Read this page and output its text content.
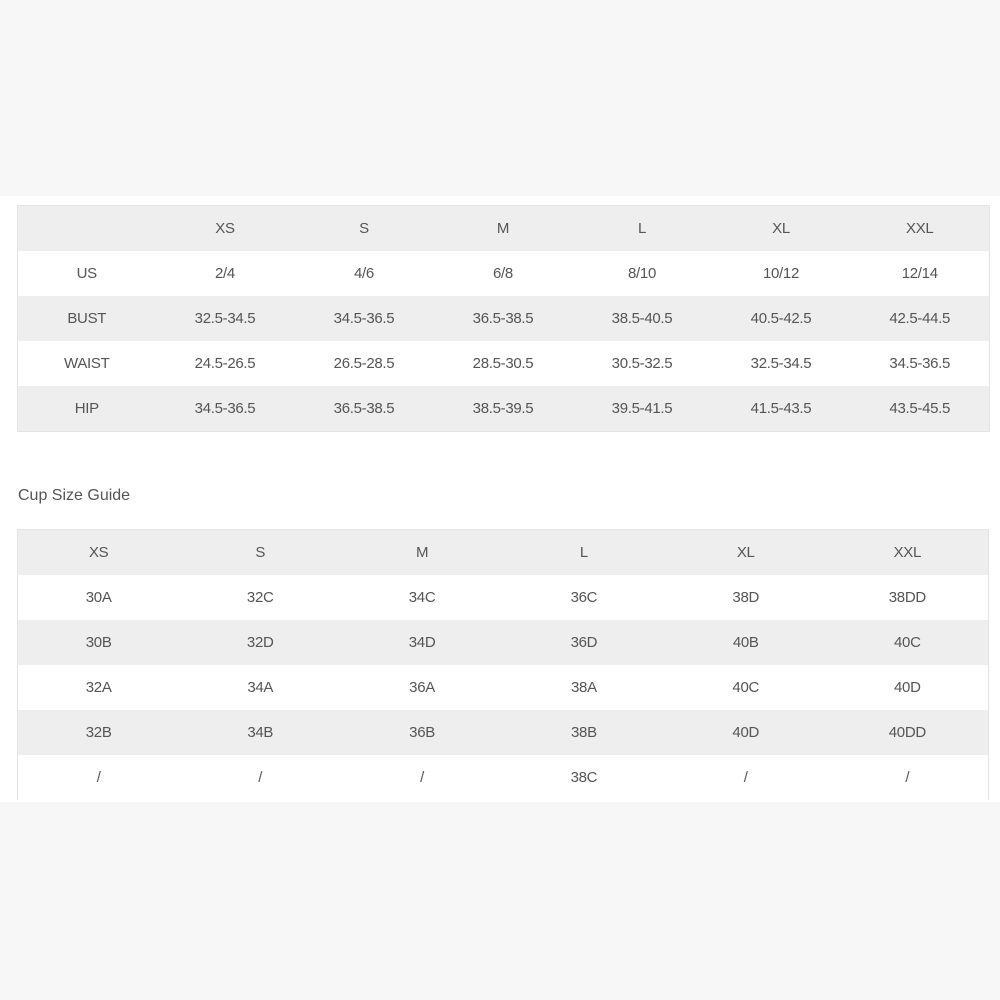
	XS	S	M	L	XL	XXL
US	2/4	4/6	6/8	8/10	10/12	12/14
BUST	32.5-34.5	34.5-36.5	36.5-38.5	38.5-40.5	40.5-42.5	42.5-44.5
WAIST	24.5-26.5	26.5-28.5	28.5-30.5	30.5-32.5	32.5-34.5	34.5-36.5
HIP	34.5-36.5	36.5-38.5	38.5-39.5	39.5-41.5	41.5-43.5	43.5-45.5
Cup Size Guide
XS	S	M	L	XL	XXL
30A	32C	34C	36C	38D	38DD
30B	32D	34D	36D	40B	40C
32A	34A	36A	38A	40C	40D
32B	34B	36B	38B	40D	40DD
/	/	/	38C	/	/
